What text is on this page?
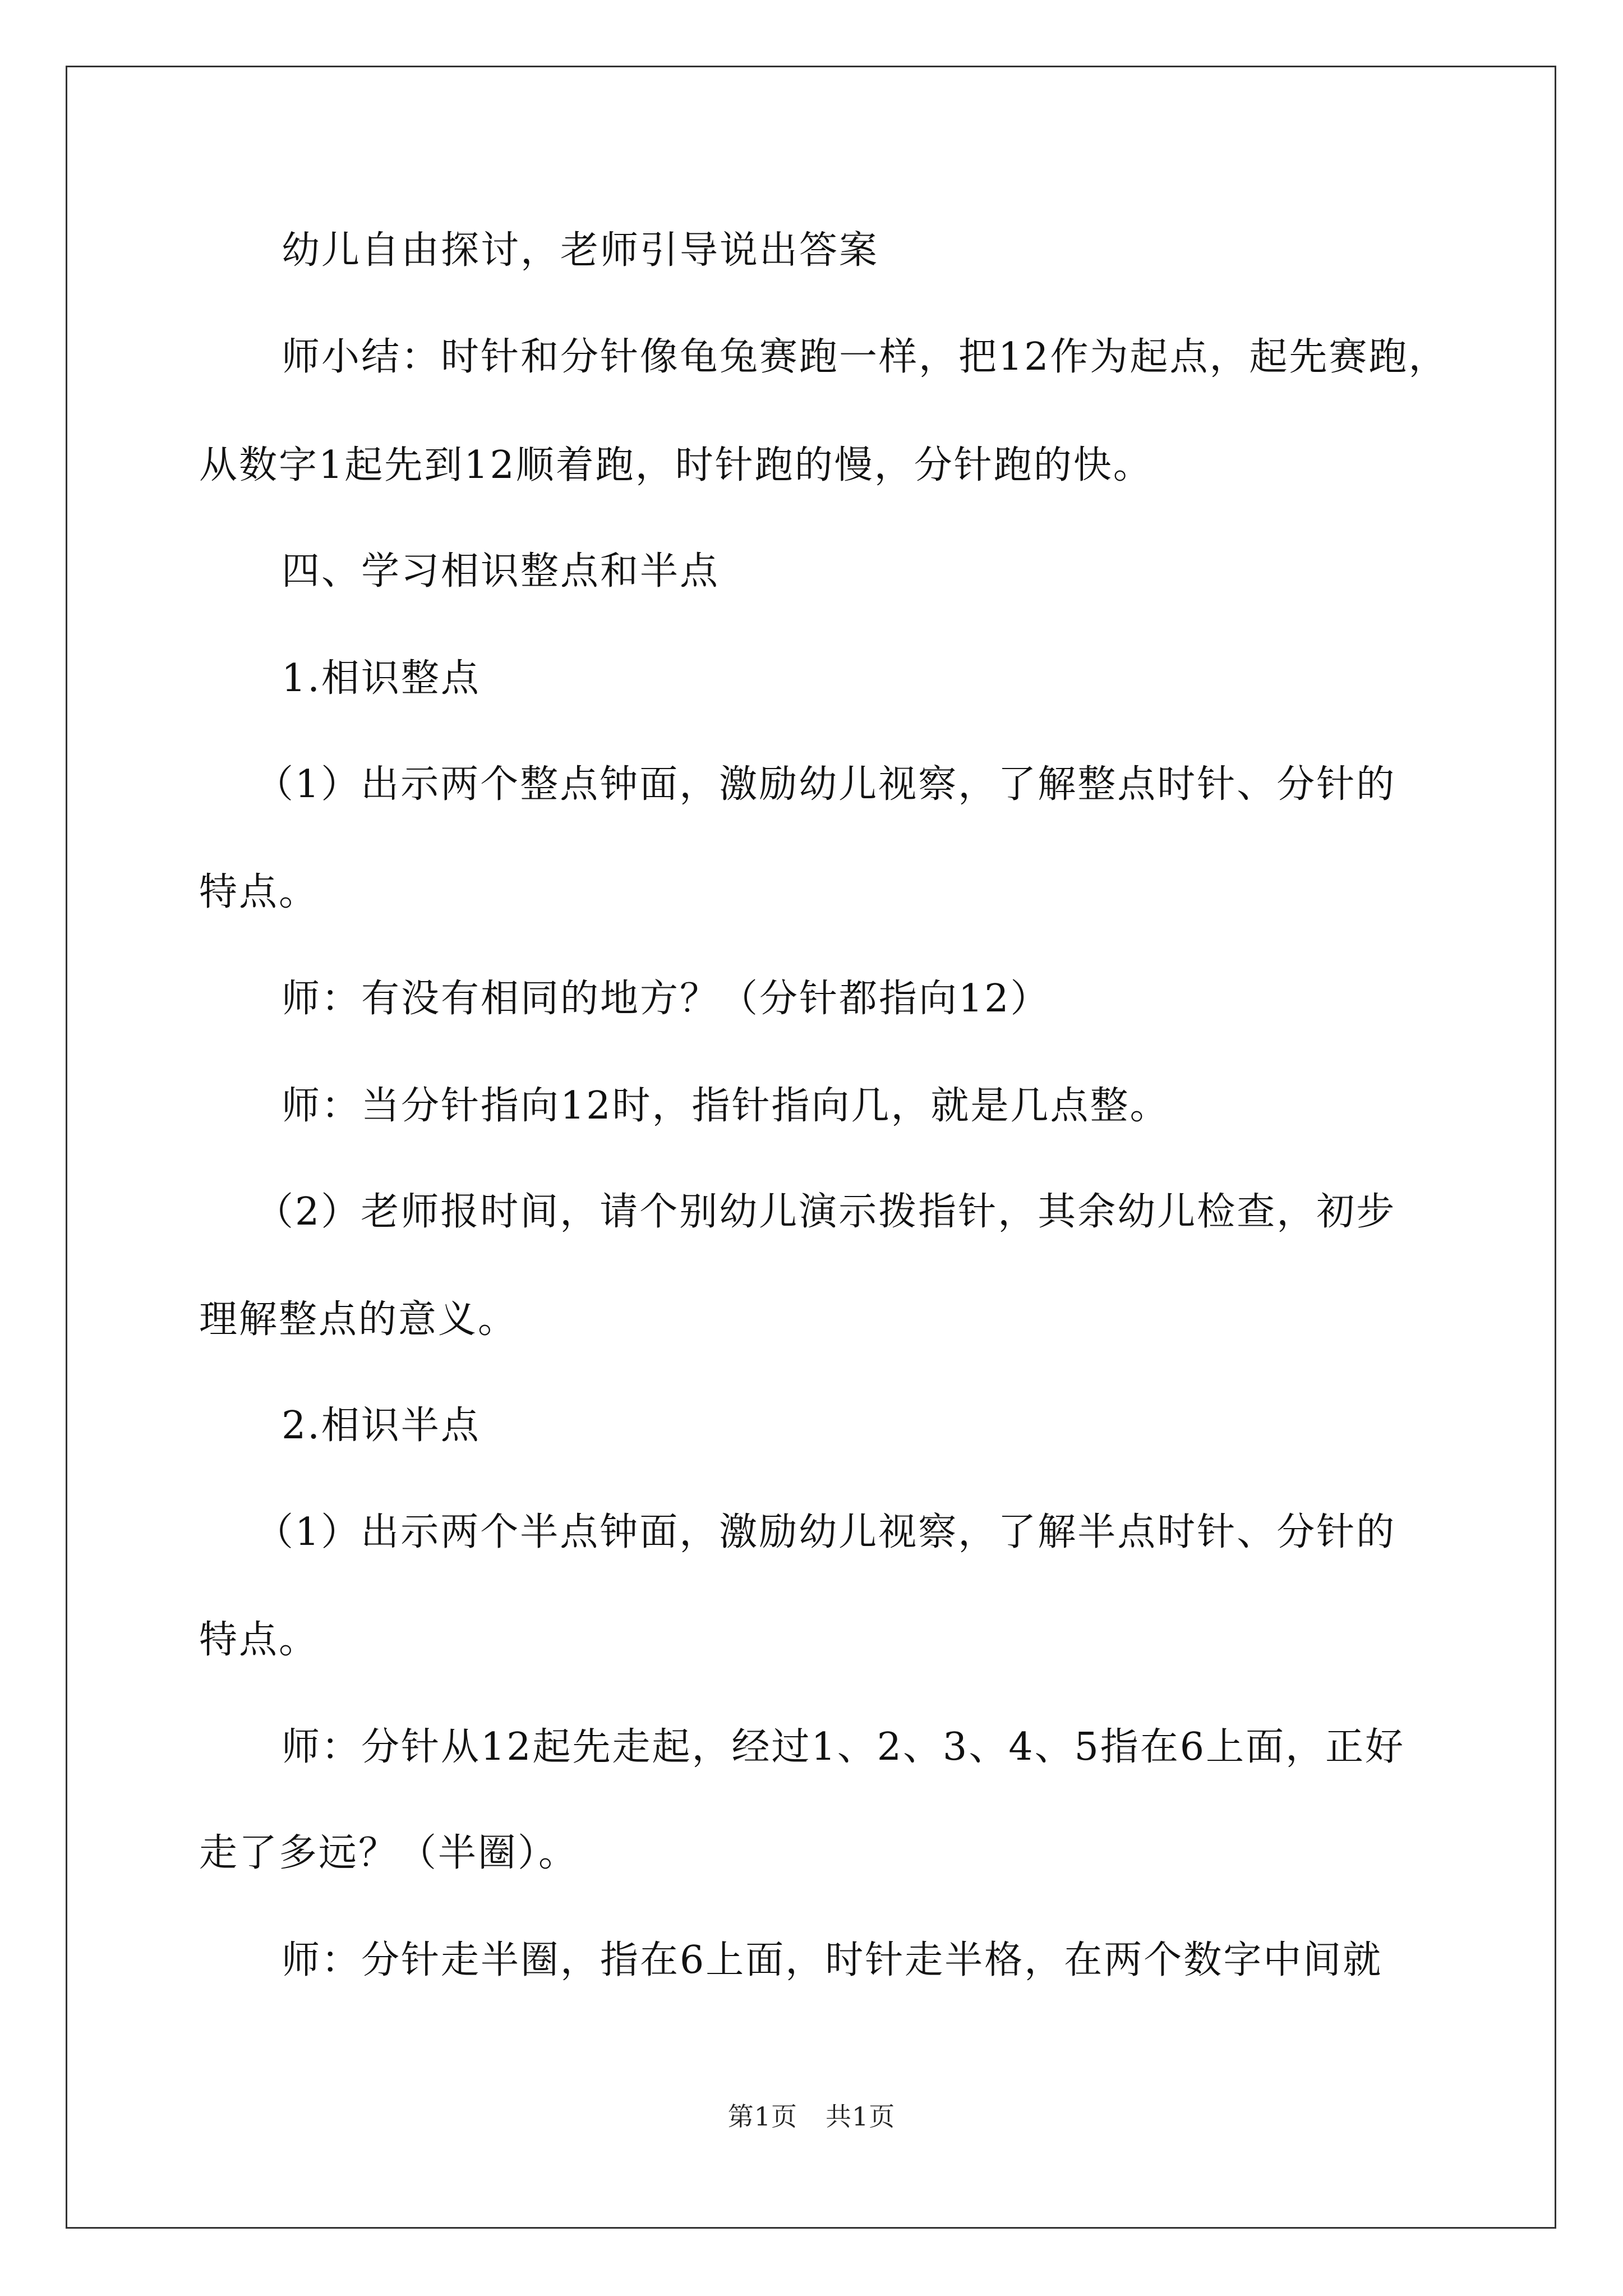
幼儿自由探讨，老师引导说出答案

师小结：时针和分针像龟兔赛跑一样，把12作为起点，起先赛跑，

从数字1起先到12顺着跑，时针跑的慢，分针跑的快。

四、学习相识整点和半点

1.相识整点

（1）出示两个整点钟面，激励幼儿视察，了解整点时针、分针的

特点。

师：有没有相同的地方？（分针都指向12）

师：当分针指向12时，指针指向几，就是几点整。

（2）老师报时间，请个别幼儿演示拨指针，其余幼儿检查，初步

理解整点的意义。

2.相识半点

（1）出示两个半点钟面，激励幼儿视察，了解半点时针、分针的

特点。

师：分针从12起先走起，经过1、2、3、4、5指在6上面，正好

走了多远？（半圈）。

师：分针走半圈，指在6上面，时针走半格，在两个数字中间就

第1页 共1页
